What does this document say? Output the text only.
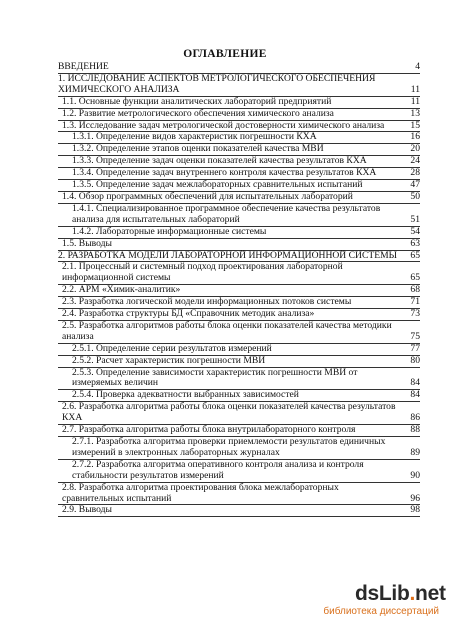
ОГЛАВЛЕНИЕ
ВВЕДЕНИЕ	4
1. ИССЛЕДОВАНИЕ АСПЕКТОВ МЕТРОЛОГИЧЕСКОГО ОБЕСПЕЧЕНИЯ ХИМИЧЕСКОГО АНАЛИЗА	11
1.1. Основные функции аналитических лабораторий предприятий	11
1.2. Развитие метрологического обеспечения химического анализа	13
1.3. Исследование задач метрологической достоверности химического анализа	15
1.3.1. Определение видов характеристик погрешности КХА	16
1.3.2. Определение этапов оценки показателей качества МВИ	20
1.3.3. Определение задач оценки показателей качества результатов КХА	24
1.3.4. Определение задач внутреннего контроля качества результатов КХА	28
1.3.5. Определение задач межлабораторных сравнительных испытаний	47
1.4. Обзор программных обеспечений для испытательных лабораторий	50
1.4.1. Специализированное программное обеспечение качества результатов анализа для испытательных лабораторий	51
1.4.2. Лабораторные информационные системы	54
1.5. Выводы	63
2. РАЗРАБОТКА МОДЕЛИ ЛАБОРАТОРНОЙ ИНФОРМАЦИОННОЙ СИСТЕМЫ	65
2.1. Процессный и системный подход проектирования лабораторной информационной системы	65
2.2. АРМ «Химик-аналитик»	68
2.3. Разработка логической модели информационных потоков системы	71
2.4. Разработка структуры БД «Справочник методик анализа»	73
2.5. Разработка алгоритмов работы блока оценки показателей качества методики анализа	75
2.5.1. Определение серии результатов измерений	77
2.5.2. Расчет характеристик погрешности МВИ	80
2.5.3. Определение зависимости характеристик погрешности МВИ от измеряемых величин	84
2.5.4. Проверка адекватности выбранных зависимостей	84
2.6. Разработка алгоритма работы блока оценки показателей качества результатов КХА	86
2.7. Разработка алгоритма работы блока внутрилабораторного контроля	88
2.7.1. Разработка алгоритма проверки приемлемости результатов единичных измерений в электронных лабораторных журналах	89
2.7.2. Разработка алгоритма оперативного контроля анализа и контроля стабильности результатов измерений	90
2.8. Разработка алгоритма проектирования блока межлабораторных сравнительных испытаний	96
2.9. Выводы	98
dsLib.net
библиотека диссертаций
